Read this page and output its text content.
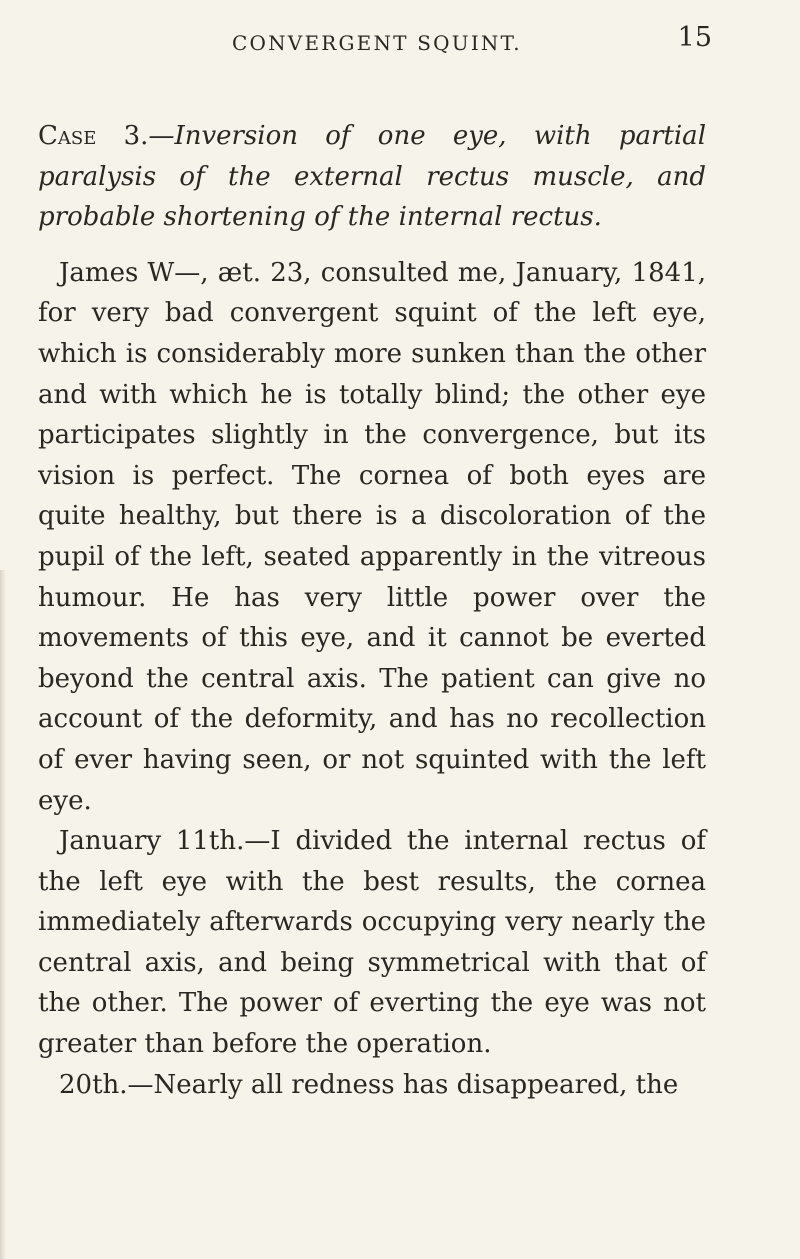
CONVERGENT SQUINT.	15

Case 3.—Inversion of one eye, with partial paralysis of the external rectus muscle, and probable shortening of the internal rectus.

James W—, æt. 23, consulted me, January, 1841, for very bad convergent squint of the left eye, which is considerably more sunken than the other and with which he is totally blind; the other eye participates slightly in the convergence, but its vision is perfect. The cornea of both eyes are quite healthy, but there is a discoloration of the pupil of the left, seated apparently in the vitreous humour. He has very little power over the movements of this eye, and it cannot be everted beyond the central axis. The patient can give no account of the deformity, and has no recollection of ever having seen, or not squinted with the left eye.

January 11th.—I divided the internal rectus of the left eye with the best results, the cornea immediately afterwards occupying very nearly the central axis, and being symmetrical with that of the other. The power of everting the eye was not greater than before the operation.

20th.—Nearly all redness has disappeared, the
